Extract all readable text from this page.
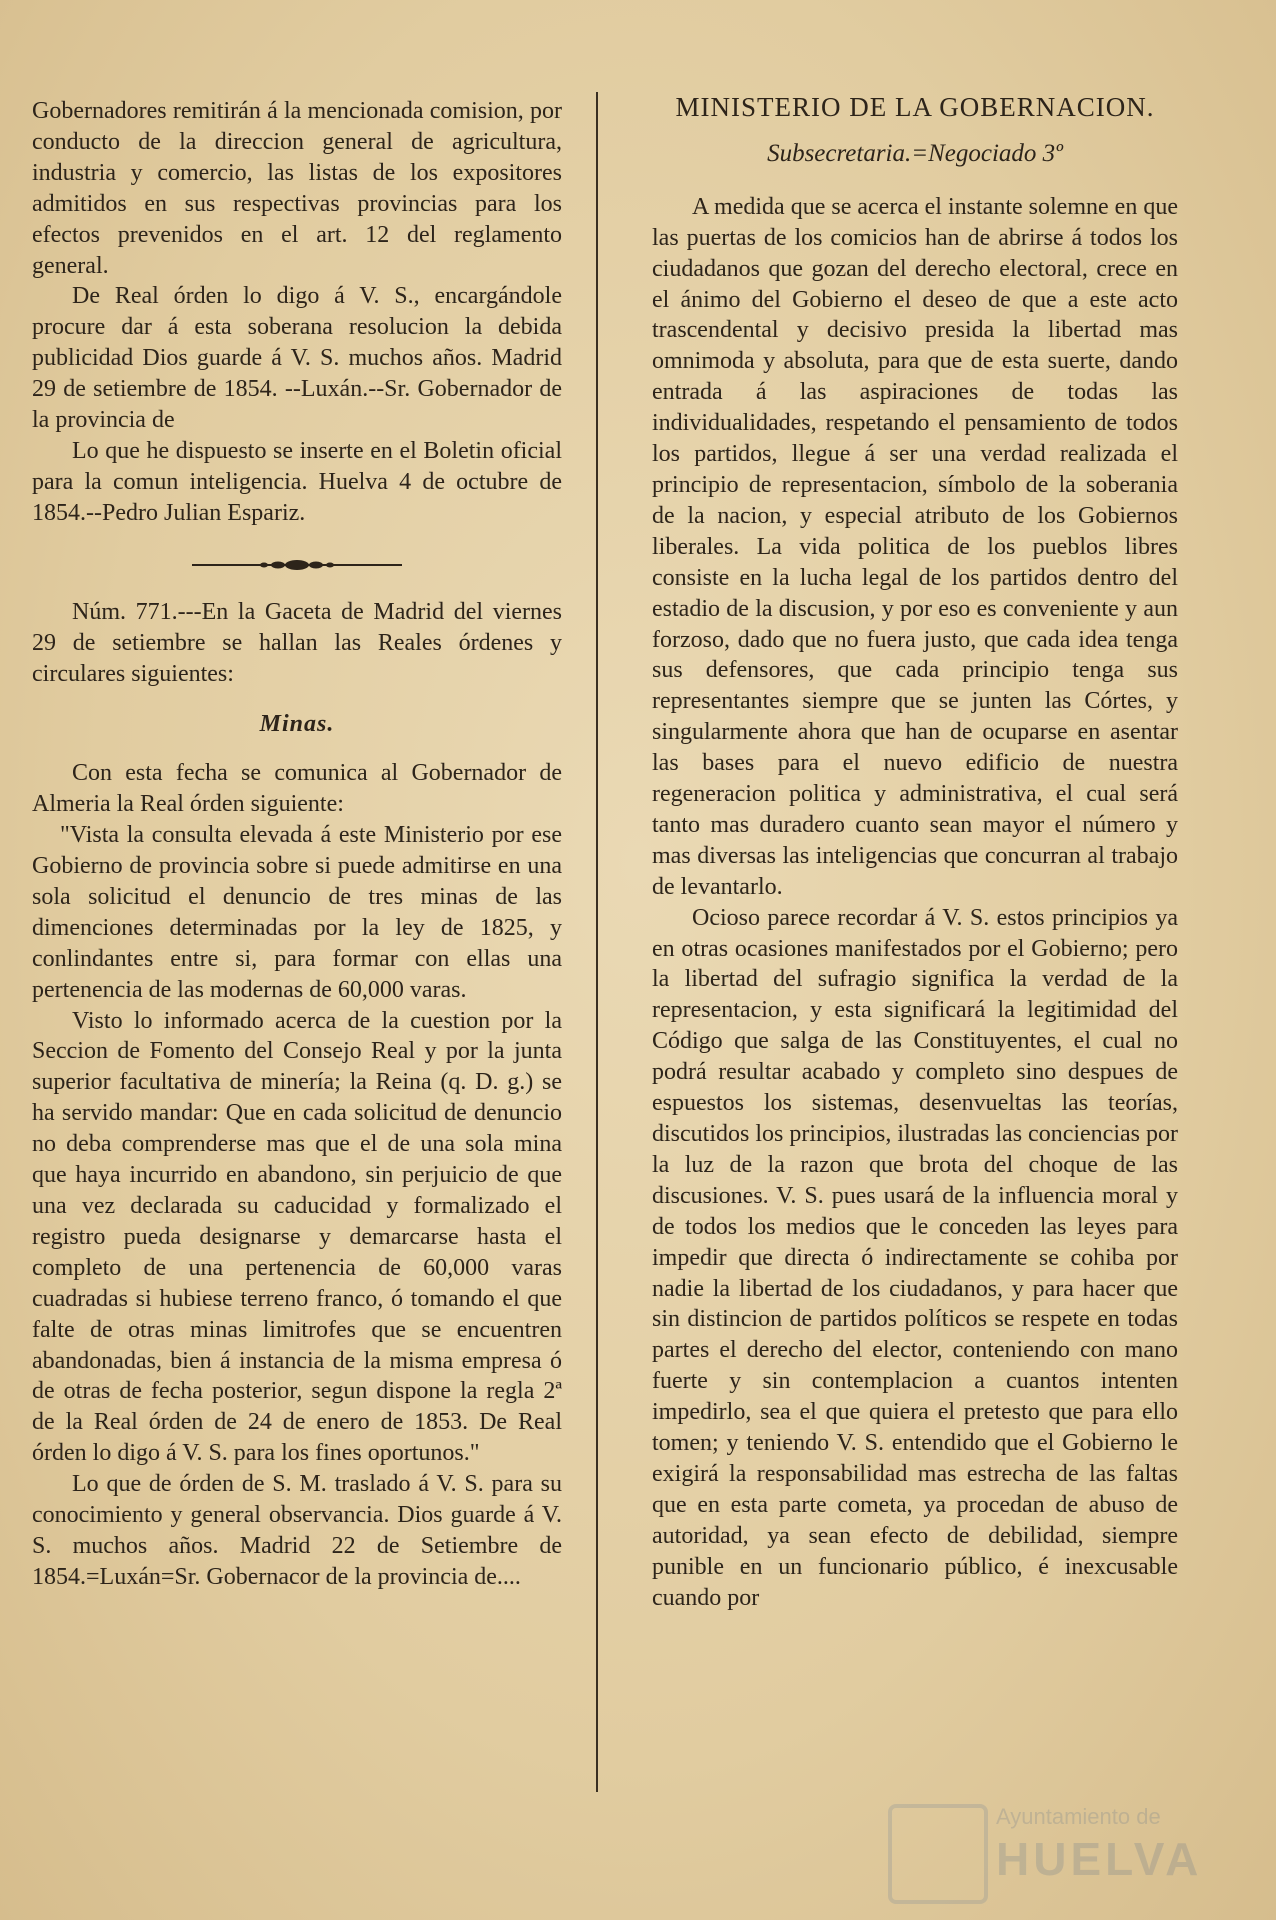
Gobernadores remitirán á la mencionada comision, por conducto de la direccion general de agricultura, industria y comercio, las listas de los expositores admitidos en sus respectivas provincias para los efectos prevenidos en el art. 12 del reglamento general.

De Real órden lo digo á V. S., encargándole procure dar á esta soberana resolucion la debida publicidad Dios guarde á V. S. muchos años. Madrid 29 de setiembre de 1854. --Luxán.--Sr. Gobernador de la provincia de

Lo que he dispuesto se inserte en el Boletin oficial para la comun inteligencia. Huelva 4 de octubre de 1854.--Pedro Julian Espariz.

Núm. 771.---En la Gaceta de Madrid del viernes 29 de setiembre se hallan las Reales órdenes y circulares siguientes:

Minas.

Con esta fecha se comunica al Gobernador de Almeria la Real órden siguiente:

"Vista la consulta elevada á este Ministerio por ese Gobierno de provincia sobre si puede admitirse en una sola solicitud el denuncio de tres minas de las dimenciones determinadas por la ley de 1825, y conlindantes entre si, para formar con ellas una pertenencia de las modernas de 60,000 varas.

Visto lo informado acerca de la cuestion por la Seccion de Fomento del Consejo Real y por la junta superior facultativa de minería; la Reina (q. D. g.) se ha servido mandar: Que en cada solicitud de denuncio no deba comprenderse mas que el de una sola mina que haya incurrido en abandono, sin perjuicio de que una vez declarada su caducidad y formalizado el registro pueda designarse y demarcarse hasta el completo de una pertenencia de 60,000 varas cuadradas si hubiese terreno franco, ó tomando el que falte de otras minas limitrofes que se encuentren abandonadas, bien á instancia de la misma empresa ó de otras de fecha posterior, segun dispone la regla 2ª de la Real órden de 24 de enero de 1853. De Real órden lo digo á V. S. para los fines oportunos."

Lo que de órden de S. M. traslado á V. S. para su conocimiento y general observancia. Dios guarde á V. S. muchos años. Madrid 22 de Setiembre de 1854.=Luxán=Sr. Gobernacor de la provincia de....

MINISTERIO DE LA GOBERNACION.
Subsecretaria.=Negociado 3º

A medida que se acerca el instante solemne en que las puertas de los comicios han de abrirse á todos los ciudadanos que gozan del derecho electoral, crece en el ánimo del Gobierno el deseo de que a este acto trascendental y decisivo presida la libertad mas omnimoda y absoluta, para que de esta suerte, dando entrada á las aspiraciones de todas las individualidades, respetando el pensamiento de todos los partidos, llegue á ser una verdad realizada el principio de representacion, símbolo de la soberania de la nacion, y especial atributo de los Gobiernos liberales. La vida politica de los pueblos libres consiste en la lucha legal de los partidos dentro del estadio de la discusion, y por eso es conveniente y aun forzoso, dado que no fuera justo, que cada idea tenga sus defensores, que cada principio tenga sus representantes siempre que se junten las Córtes, y singularmente ahora que han de ocuparse en asentar las bases para el nuevo edificio de nuestra regeneracion politica y administrativa, el cual será tanto mas duradero cuanto sean mayor el número y mas diversas las inteligencias que concurran al trabajo de levantarlo.

Ocioso parece recordar á V. S. estos principios ya en otras ocasiones manifestados por el Gobierno; pero la libertad del sufragio significa la verdad de la representacion, y esta significará la legitimidad del Código que salga de las Constituyentes, el cual no podrá resultar acabado y completo sino despues de espuestos los sistemas, desenvueltas las teorías, discutidos los principios, ilustradas las conciencias por la luz de la razon que brota del choque de las discusiones. V. S. pues usará de la influencia moral y de todos los medios que le conceden las leyes para impedir que directa ó indirectamente se cohiba por nadie la libertad de los ciudadanos, y para hacer que sin distincion de partidos políticos se respete en todas partes el derecho del elector, conteniendo con mano fuerte y sin contemplacion a cuantos intenten impedirlo, sea el que quiera el pretesto que para ello tomen; y teniendo V. S. entendido que el Gobierno le exigirá la responsabilidad mas estrecha de las faltas que en esta parte cometa, ya procedan de abuso de autoridad, ya sean efecto de debilidad, siempre punible en un funcionario público, é inexcusable cuando por

Ayuntamiento de
HUELVA
